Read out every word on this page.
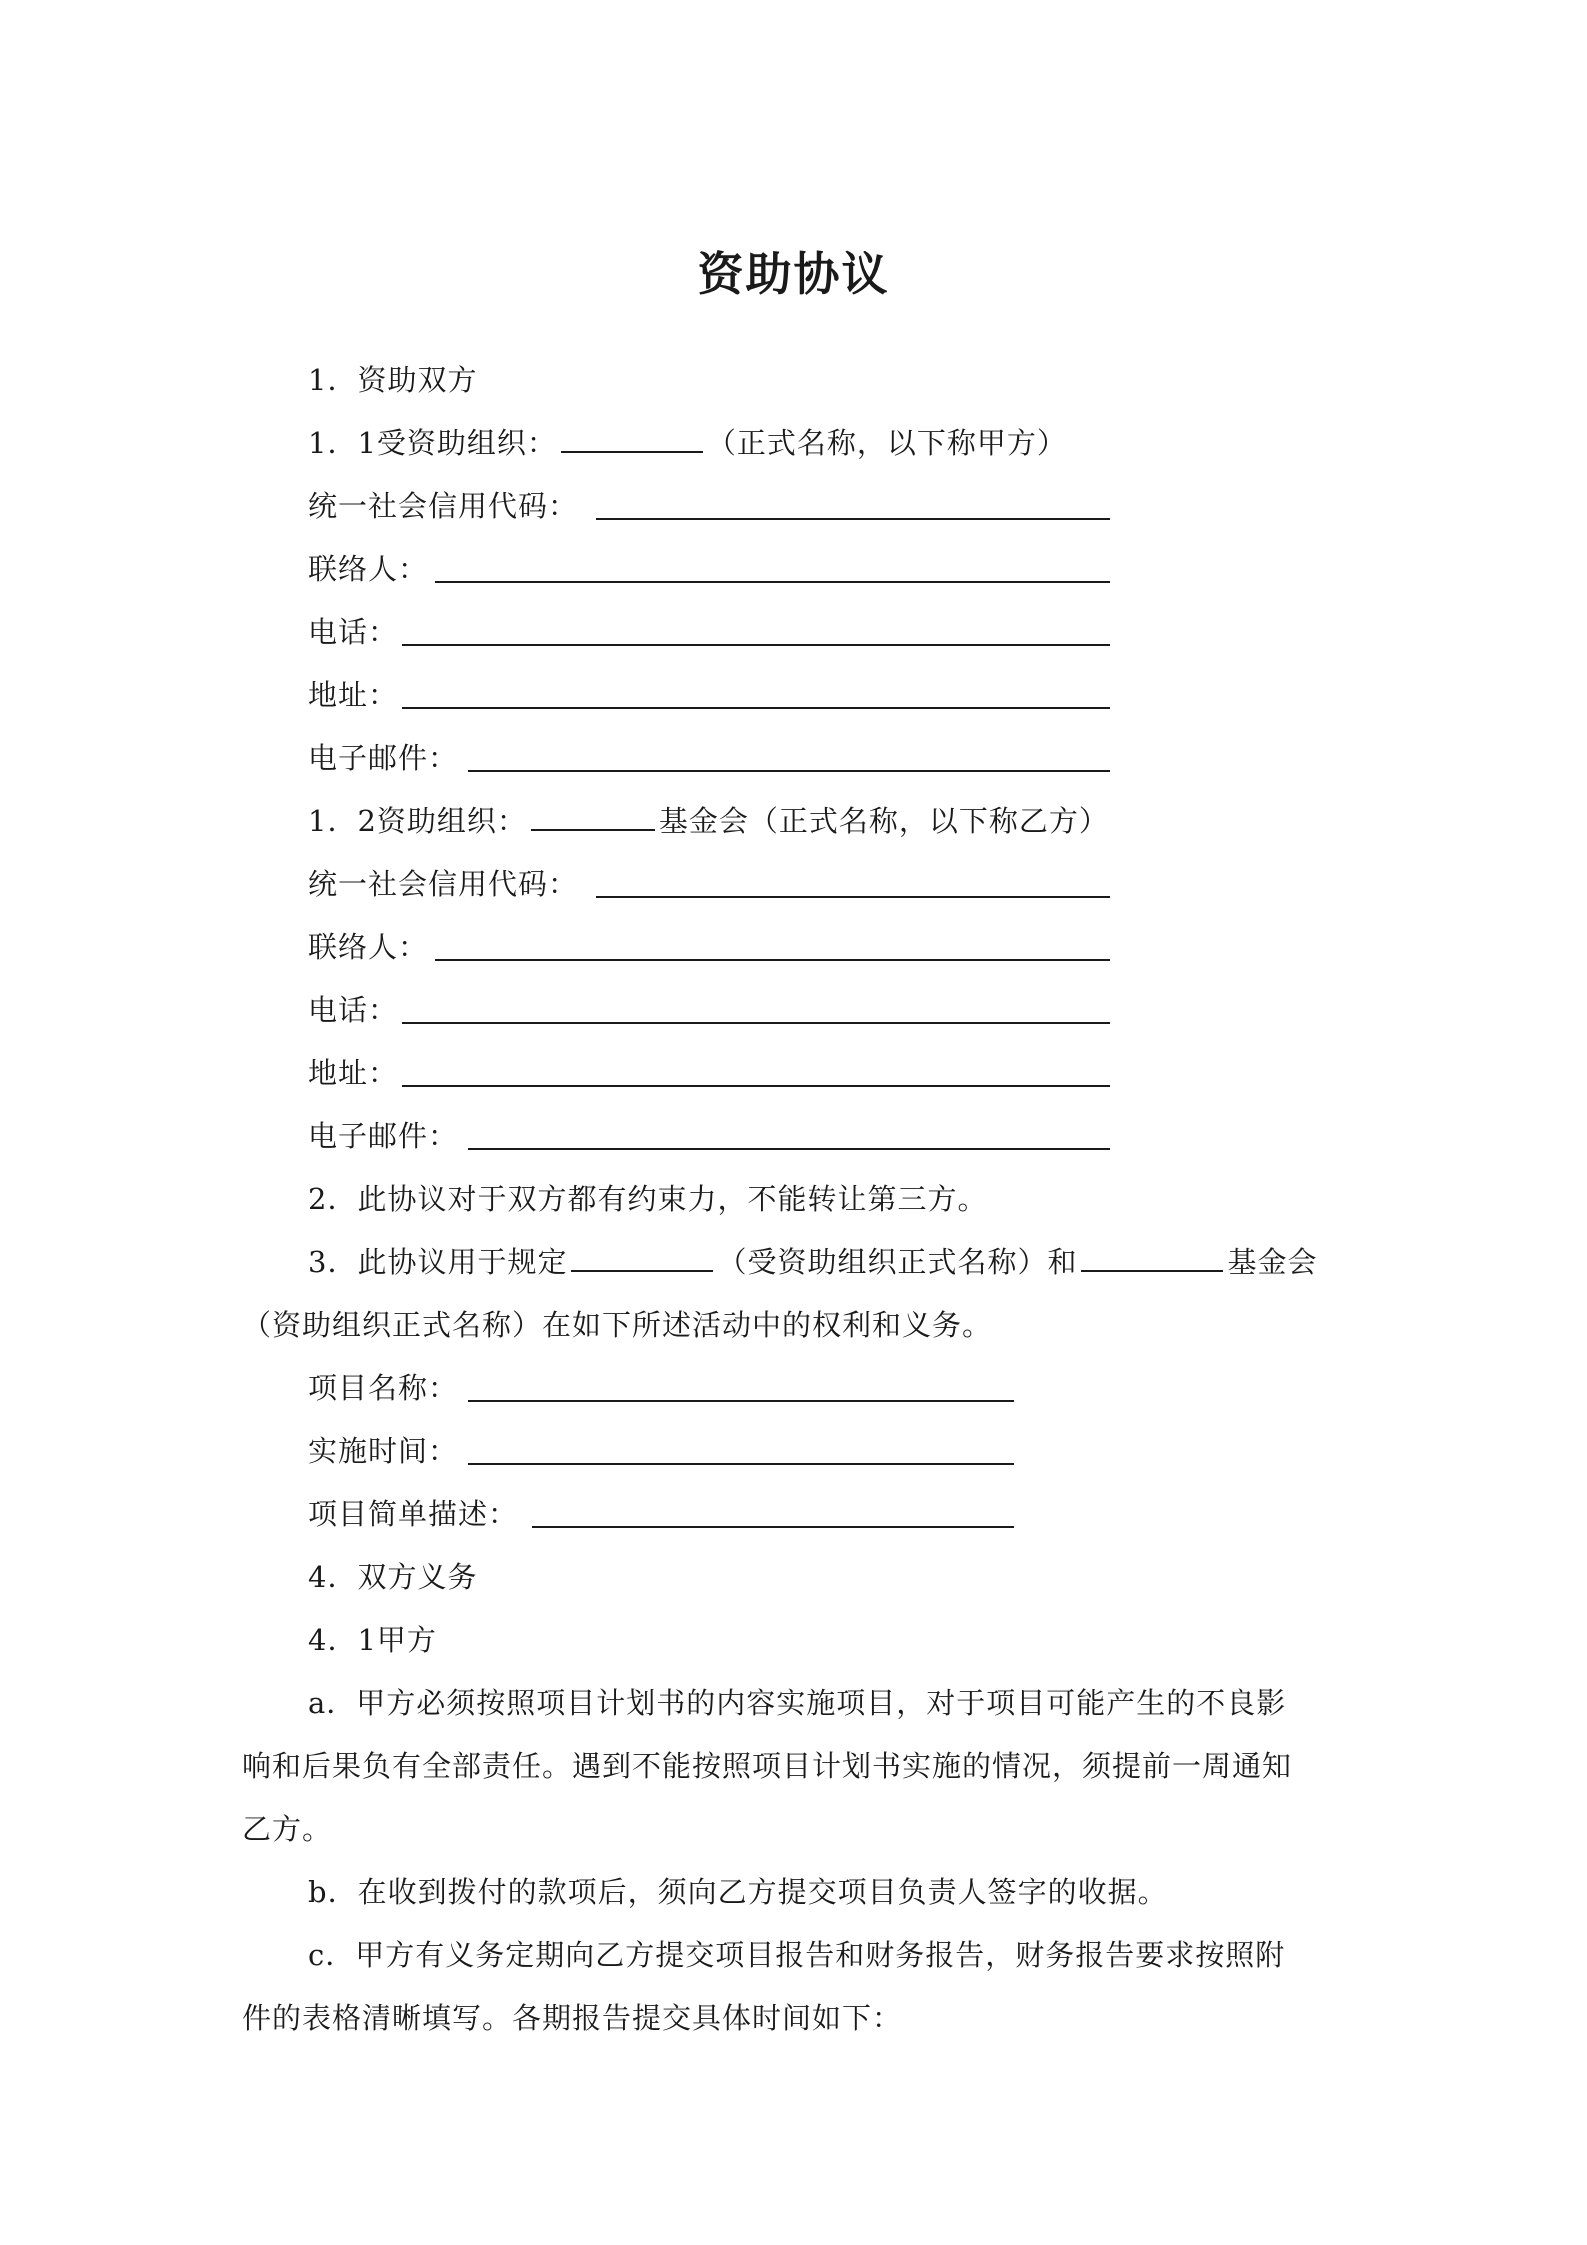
资助协议
1．资助双方
1．1受资助组织：	（正式名称，以下称甲方）
统一社会信用代码：
联络人：
电话：
地址：
电子邮件：
1．2资助组织：	基金会（正式名称，以下称乙方）
统一社会信用代码：
联络人：
电话：
地址：
电子邮件：
2．此协议对于双方都有约束力，不能转让第三方。
3．此协议用于规定	（受资助组织正式名称）和	基金会
（资助组织正式名称）在如下所述活动中的权利和义务。
项目名称：
实施时间：
项目简单描述：
4．双方义务
4．1甲方
a．甲方必须按照项目计划书的内容实施项目，对于项目可能产生的不良影
响和后果负有全部责任。遇到不能按照项目计划书实施的情况，须提前一周通知
乙方。
b．在收到拨付的款项后，须向乙方提交项目负责人签字的收据。
c．甲方有义务定期向乙方提交项目报告和财务报告，财务报告要求按照附
件的表格清晰填写。各期报告提交具体时间如下：
